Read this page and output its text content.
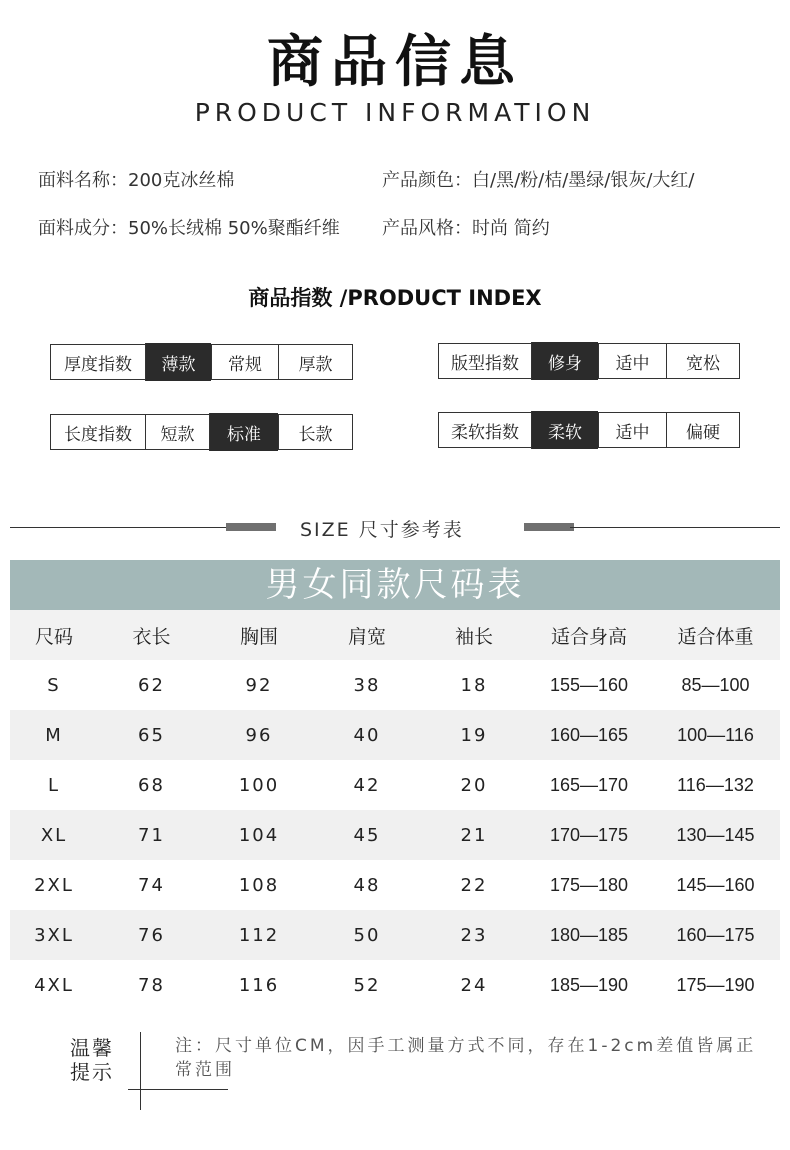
商品信息
PRODUCT INFORMATION
面料名称：200克冰丝棉	产品颜色：白/黑/粉/桔/墨绿/银灰/大红/
面料成分：50%长绒棉 50%聚酯纤维 产品风格：时尚 简约
商品指数 /PRODUCT INDEX
厚度指数	薄款	常规	厚款	版型指数	修身	适中	宽松
长度指数	短款	标准	长款	柔软指数	柔软	适中	偏硬
SIZE 尺寸参考表
男女同款尺码表
尺码	衣长	胸围	肩宽	袖长	适合身高	适合体重
S	62	92	38	18	155—160	85—100
M	65	96	40	19	160—165	100—116
L	68	100	42	20	165—170	116—132
XL	71	104	45	21	170—175	130—145
2XL	74	108	48	22	175—180	145—160
3XL	76	112	50	23	180—185	160—175
4XL	78	116	52	24	185—190	175—190
温馨
提示
注：尺寸单位CM，因手工测量方式不同，存在1-2cm差值皆属正常范围
